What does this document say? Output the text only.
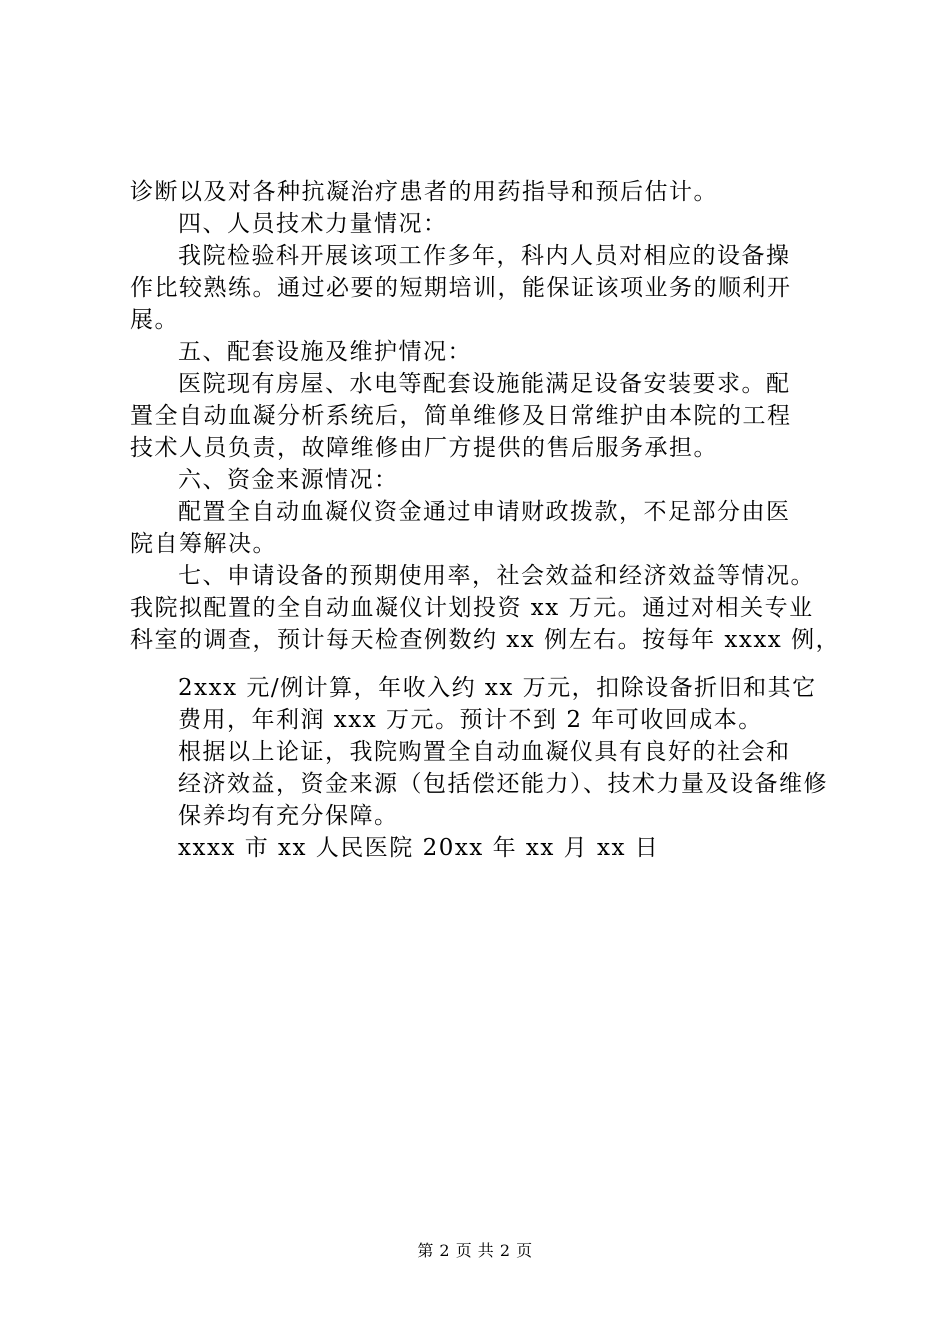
诊断以及对各种抗凝治疗患者的用药指导和预后估计。
四、人员技术力量情况：
我院检验科开展该项工作多年，科内人员对相应的设备操
作比较熟练。通过必要的短期培训，能保证该项业务的顺利开
展。
五、配套设施及维护情况：
医院现有房屋、水电等配套设施能满足设备安装要求。配
置全自动血凝分析系统后，简单维修及日常维护由本院的工程
技术人员负责，故障维修由厂方提供的售后服务承担。
六、资金来源情况：
配置全自动血凝仪资金通过申请财政拨款，不足部分由医
院自筹解决。
七、申请设备的预期使用率，社会效益和经济效益等情况。
我院拟配置的全自动血凝仪计划投资 xx 万元。通过对相关专业
科室的调查，预计每天检查例数约 xx 例左右。按每年 xxxx 例，
2xxx 元/例计算，年收入约 xx 万元，扣除设备折旧和其它
费用，年利润 xxx 万元。预计不到 2 年可收回成本。
根据以上论证，我院购置全自动血凝仪具有良好的社会和
经济效益，资金来源（包括偿还能力）、技术力量及设备维修
保养均有充分保障。
xxxx 市 xx 人民医院 20xx 年 xx 月 xx 日
第 2 页 共 2 页
